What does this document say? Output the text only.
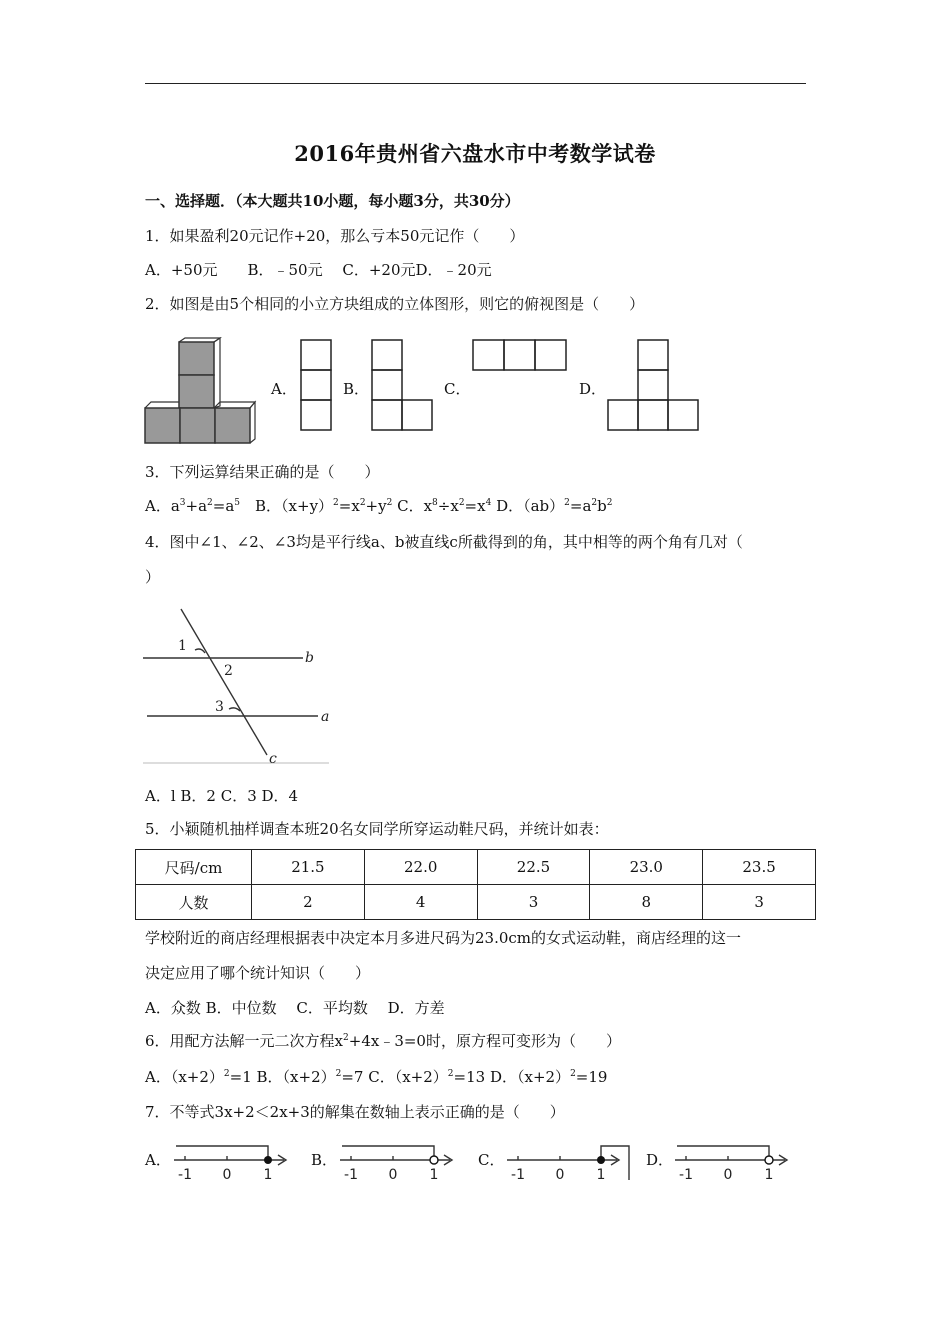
2016年贵州省六盘水市中考数学试卷
一、选择题．（本大题共10小题，每小题3分，共30分）
1．如果盈利20元记作+20，那么亏本50元记作（　　）
A．+50元　　B．﹣50元　 C．+20元D．﹣20元
2．如图是由5个相同的小立方块组成的立体图形，则它的俯视图是（　　）
A．	B．	C．	D．
3．下列运算结果正确的是（　　）
A．$a^3+a^2=a^5$　B．$(x+y)^2=x^2+y^2$ C．$x^8\div x^2=x^4$ D．$(ab)^2=a^2b^2$
4．图中∠1、∠2、∠3均是平行线a、b被直线c所截得到的角，其中相等的两个角有几对（
）
1
2
3
b
a
c
A．l B．2 C．3 D．4
5．小颖随机抽样调查本班20名女同学所穿运动鞋尺码，并统计如表：
尺码/cm	21.5	22.0	22.5	23.0	23.5
人数	2	4	3	8	3
学校附近的商店经理根据表中决定本月多进尺码为23.0cm的女式运动鞋，商店经理的这一
决定应用了哪个统计知识（　　）
A．众数 B．中位数　 C．平均数　 D．方差
6．用配方法解一元二次方程$x^2+4x﹣3=0$时，原方程可变形为（　　）
A．$(x+2)^2=1$ B．$(x+2)^2=7$ C．$(x+2)^2=13$ D．$(x+2)^2=19$
7．不等式3x+2＜2x+3的解集在数轴上表示正确的是（　　）
A．
-1 0 1
B．
-1 0 1
C．
-1 0 1
D．
-1 0 1
